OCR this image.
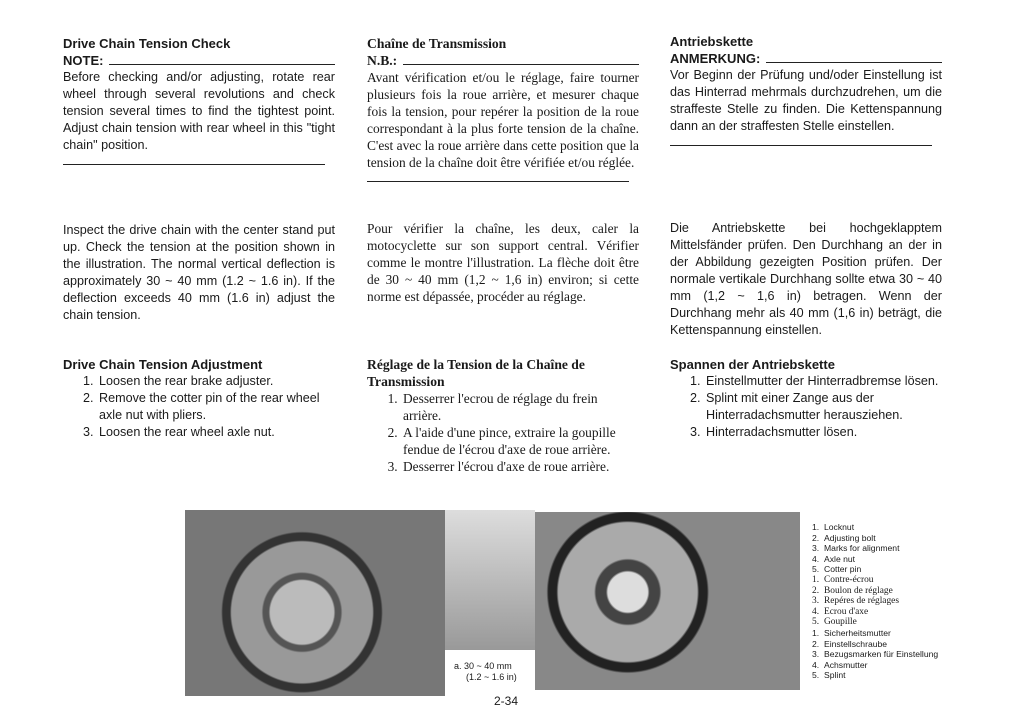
Drive Chain Tension Check
NOTE:

Before checking and/or adjusting, rotate rear wheel through several revolutions and check tension several times to find the tightest point. Adjust chain tension with rear wheel in this "tight chain" position.

Inspect the drive chain with the center stand put up. Check the tension at the position shown in the illustration. The normal vertical deflection is approximately 30 ~ 40 mm (1.2 ~ 1.6 in). If the deflection exceeds 40 mm (1.6 in) adjust the chain tension.

Drive Chain Tension Adjustment
1. Loosen the rear brake adjuster.
2. Remove the cotter pin of the rear wheel axle nut with pliers.
3. Loosen the rear wheel axle nut.
Chaîne de Transmission
N.B.:

Avant vérification et/ou le réglage, faire tourner plusieurs fois la roue arrière, et mesurer chaque fois la tension, pour repérer la position de la roue correspondant à la plus forte tension de la chaîne. C'est avec la roue arrière dans cette position que la tension de la chaîne doit être vérifiée et/ou réglée.

Pour vérifier la chaîne, les deux, caler la motocyclette sur son support central. Vérifier comme le montre l'illustration. La flèche doit être de 30 ~ 40 mm (1,2 ~ 1,6 in) environ; si cette norme est dépassée, procéder au réglage.

Réglage de la Tension de la Chaîne de Transmission
1. Desserrer l'ecrou de réglage du frein arrière.
2. A l'aide d'une pince, extraire la goupille fendue de l'écrou d'axe de roue arrière.
3. Desserrer l'écrou d'axe de roue arrière.
Antriebskette
ANMERKUNG:

Vor Beginn der Prüfung und/oder Einstellung ist das Hinterrad mehrmals durchzudrehen, um die straffeste Stelle zu finden. Die Kettenspannung dann an der straffesten Stelle einstellen.

Die Antriebskette bei hochgeklapptem Mittelsfänder prüfen. Den Durchhang an der in der Abbildung gezeigten Position prüfen. Der normale vertikale Durchhang sollte etwa 30 ~ 40 mm (1,2 ~ 1,6 in) betragen. Wenn der Durchhang mehr als 40 mm (1,6 in) beträgt, die Kettenspannung einstellen.

Spannen der Antriebskette
1. Einstellmutter der Hinterradbremse lösen.
2. Splint mit einer Zange aus der Hinterradachsmutter herausziehen.
3. Hinterradachsmutter lösen.
a. 30 ~ 40 mm
(1.2 ~ 1.6 in)
1. Locknut
2. Adjusting bolt
3. Marks for alignment
4. Axle nut
5. Cotter pin
1. Contre-écrou
2. Boulon de réglage
3. Repéres de réglages
4. Ecrou d'axe
5. Goupille
1. Sicherheitsmutter
2. Einstellschraube
3. Bezugsmarken für Einstellung
4. Achsmutter
5. Splint
2-34
